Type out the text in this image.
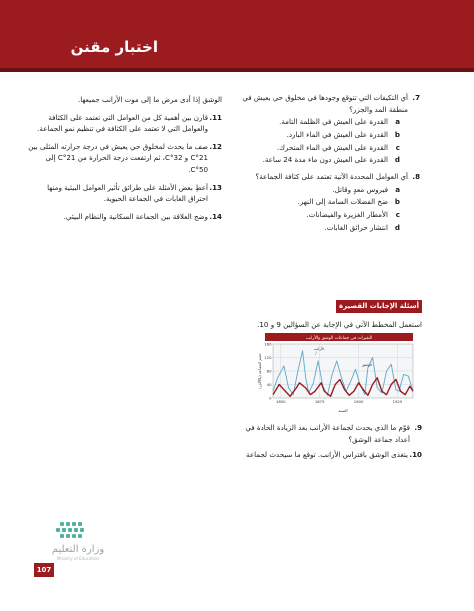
اختبار مقنن
7.
أي التكيفات التي تتوقع وجودها في مخلوق حي يعيش في منطقة المد والجزر؟
a
القدرة على العيش في الظلمة التامة.
b
القدرة على العيش في الماء البارد.
c
القدرة على العيش في الماء المتحرك.
d
القدرة على العيش دون ماء مدة 24 ساعة.
8.
أي العوامل المحددة الآتية تعتمد على كثافة الجماعة؟
a
فيروس معدٍ وقاتل.
b
ضخ الفضلات السامة إلى النهر.
c
الأمطار الغزيرة والفيضانات.
d
انتشار حرائق الغابات.

الوشق إذا أدى مرض ما إلى موت الأرانب جميعها.

11.
قارن بين أهمية كل من العوامل التي تعتمد على الكثافة والعوامل التي لا تعتمد على الكثافة في تنظيم نمو الجماعة.
12.
صف ما يحدث لمخلوق حي يعيش في درجة حرارته المثلى بين 21°C و 32°C، ثم ارتفعت درجة الحرارة من 21°C إلى 50°C.
13.
أعطِ بعض الأمثلة على طرائق تأثير العوامل البيئية ومنها احتراق الغابات في الجماعة الحيوية.
14.
وضح العلاقة بين الجماعة السكانية والنظام البيئي.
أسئلة الإجابات القصيرة
استعمل المخطط الآتي في الإجابة عن السؤالين 9 و 10.
التغيرات في جماعات الوشق والأرانب
0
40
80
120
160
1850	1875	1900	1925
الأرانب
الوشق
حجم الجماعة (بالآلاف)
السنة
9.
قوّم ما الذي يحدث لجماعة الأرانب بعد الزيادة الحادة في أعداد جماعة الوشق؟
10.
يتغذى الوشق بافتراس الأرانب. توقع ما سيحدث لجماعة
وزارة التعليم
Ministry of Education
107
